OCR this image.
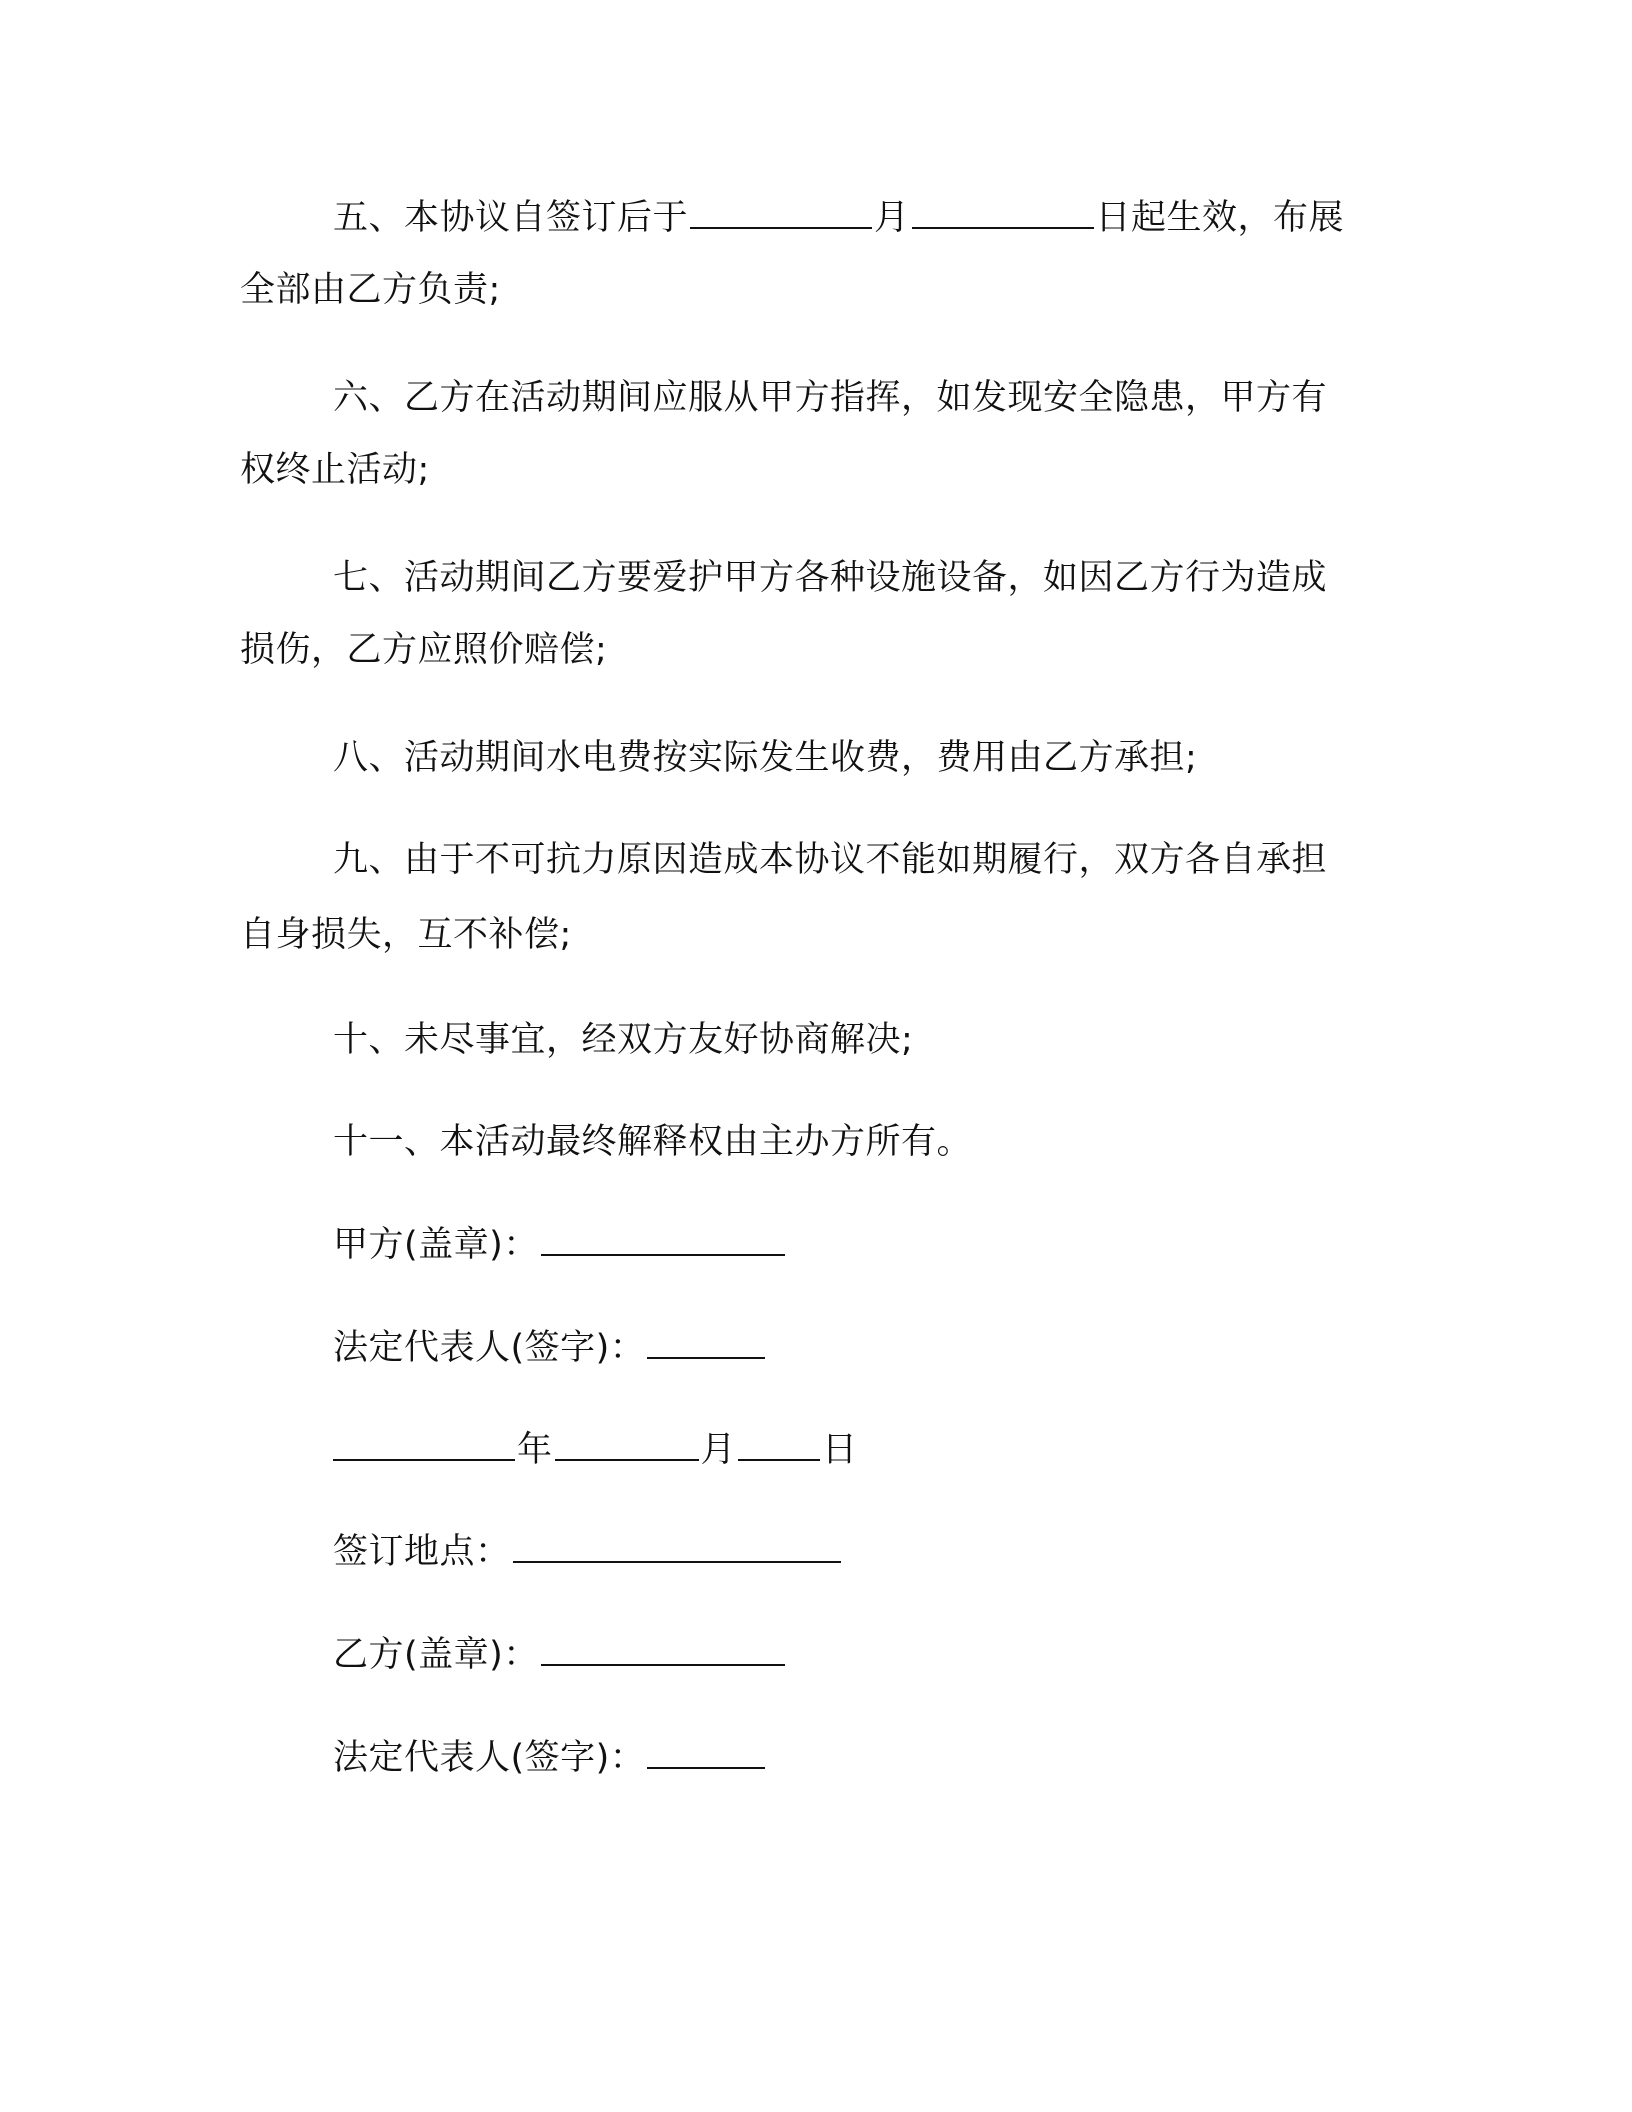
五、本协议自签订后于	月	日起生效，布展
全部由乙方负责;
六、乙方在活动期间应服从甲方指挥，如发现安全隐患，甲方有
权终止活动;
七、活动期间乙方要爱护甲方各种设施设备，如因乙方行为造成
损伤，乙方应照价赔偿;
八、活动期间水电费按实际发生收费，费用由乙方承担;
九、由于不可抗力原因造成本协议不能如期履行，双方各自承担
自身损失，互不补偿;
十、未尽事宜，经双方友好协商解决;
十一、本活动最终解释权由主办方所有。
甲方(盖章)：
法定代表人(签字)：
年	月 日
签订地点：
乙方(盖章)：
法定代表人(签字)：
